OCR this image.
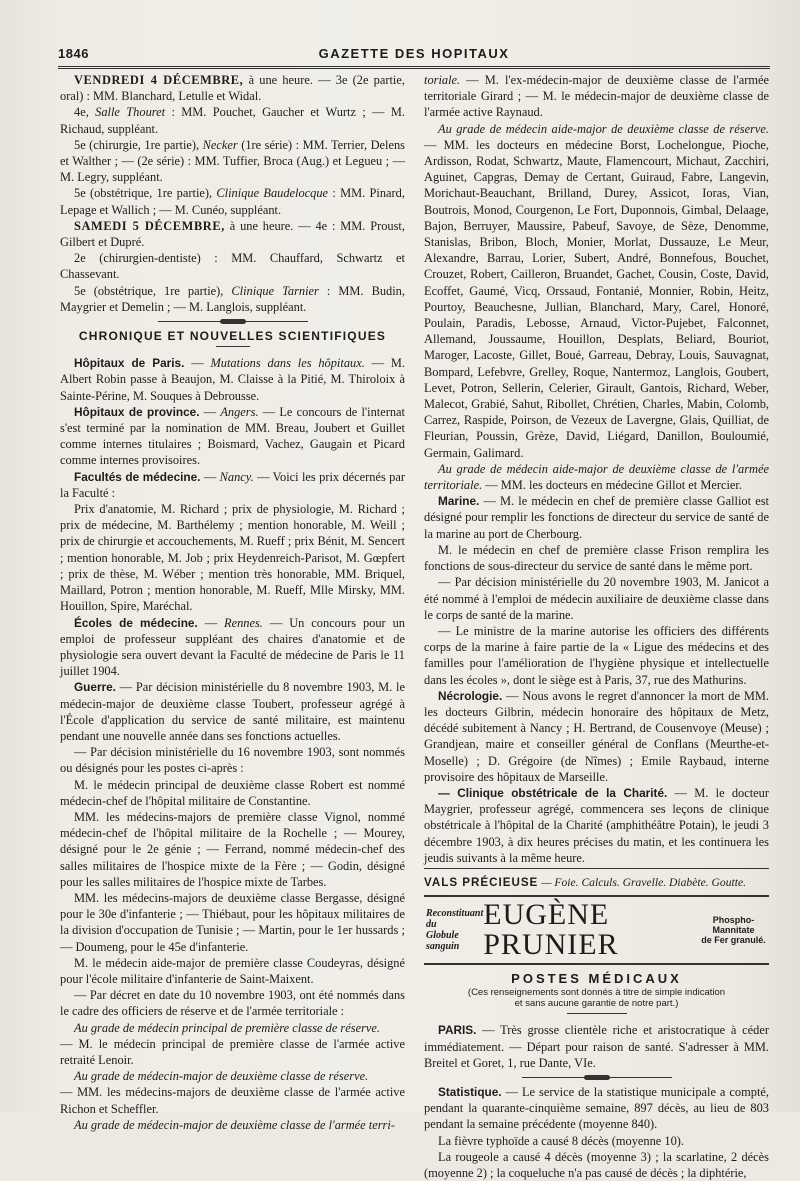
1846	GAZETTE DES HOPITAUX

VENDREDI 4 DÉCEMBRE, à une heure. — 3e (2e partie, oral) : MM. Blanchard, Letulle et Widal.

4e, Salle Thouret : MM. Pouchet, Gaucher et Wurtz ; — M. Richaud, suppléant.

5e (chirurgie, 1re partie), Necker (1re série) : MM. Terrier, Delens et Walther ; — (2e série) : MM. Tuffier, Broca (Aug.) et Legueu ; — M. Legry, suppléant.

5e (obstétrique, 1re partie), Clinique Baudelocque : MM. Pinard, Lepage et Wallich ; — M. Cunéo, suppléant.

SAMEDI 5 DÉCEMBRE, à une heure. — 4e : MM. Proust, Gilbert et Dupré.

2e (chirurgien-dentiste) : MM. Chauffard, Schwartz et Chassevant.

5e (obstétrique, 1re partie), Clinique Tarnier : MM. Budin, Maygrier et Demelin ; — M. Langlois, suppléant.

CHRONIQUE ET NOUVELLES SCIENTIFIQUES

Hôpitaux de Paris. — Mutations dans les hôpitaux. — M. Albert Robin passe à Beaujon, M. Claisse à la Pitié, M. Thiroloix à Sainte-Périne, M. Souques à Debrousse.

Hôpitaux de province. — Angers. — Le concours de l'internat s'est terminé par la nomination de MM. Breau, Joubert et Guillet comme internes titulaires ; Boismard, Vachez, Gaugain et Picard comme internes provisoires.

Facultés de médecine. — Nancy. — Voici les prix décernés par la Faculté :

Prix d'anatomie, M. Richard ; prix de physiologie, M. Richard ; prix de médecine, M. Barthélemy ; mention honorable, M. Weill ; prix de chirurgie et accouchements, M. Rueff ; prix Bénit, M. Sencert ; mention honorable, M. Job ; prix Heydenreich-Parisot, M. Gœpfert ; prix de thèse, M. Wéber ; mention très honorable, MM. Briquel, Maillard, Potron ; mention honorable, M. Rueff, Mlle Mirsky, MM. Houillon, Spire, Maréchal.

Écoles de médecine. — Rennes. — Un concours pour un emploi de professeur suppléant des chaires d'anatomie et de physiologie sera ouvert devant la Faculté de médecine de Paris le 11 juillet 1904.

Guerre. — Par décision ministérielle du 8 novembre 1903, M. le médecin-major de deuxième classe Toubert, professeur agrégé à l'École d'application du service de santé militaire, est maintenu pendant une nouvelle année dans ses fonctions actuelles.

— Par décision ministérielle du 16 novembre 1903, sont nommés ou désignés pour les postes ci-après :

M. le médecin principal de deuxième classe Robert est nommé médecin-chef de l'hôpital militaire de Constantine.

MM. les médecins-majors de première classe Vignol, nommé médecin-chef de l'hôpital militaire de la Rochelle ; — Mourey, désigné pour le 2e génie ; — Ferrand, nommé médecin-chef des salles militaires de l'hospice mixte de la Fère ; — Godin, désigné pour les salles militaires de l'hospice mixte de Tarbes.

MM. les médecins-majors de deuxième classe Bergasse, désigné pour le 30e d'infanterie ; — Thiébaut, pour les hôpitaux militaires de la division d'occupation de Tunisie ; — Martin, pour le 1er hussards ; — Doumeng, pour le 45e d'infanterie.

M. le médecin aide-major de première classe Coudeyras, désigné pour l'école militaire d'infanterie de Saint-Maixent.

— Par décret en date du 10 novembre 1903, ont été nommés dans le cadre des officiers de réserve et de l'armée territoriale :

Au grade de médecin principal de première classe de réserve.

— M. le médecin principal de première classe de l'armée active retraité Lenoir.

Au grade de médecin-major de deuxième classe de réserve.

— MM. les médecins-majors de deuxième classe de l'armée active Richon et Scheffler.

Au grade de médecin-major de deuxième classe de l'armée terri-

toriale. — M. l'ex-médecin-major de deuxième classe de l'armée territoriale Girard ; — M. le médecin-major de deuxième classe de l'armée active Raynaud.

Au grade de médecin aide-major de deuxième classe de réserve. — MM. les docteurs en médecine Borst, Lochelongue, Pioche, Ardisson, Rodat, Schwartz, Maute, Flamencourt, Michaut, Zacchiri, Aguinet, Capgras, Demay de Certant, Guiraud, Fabre, Langevin, Morichaut-Beauchant, Brilland, Durey, Assicot, Ioras, Vian, Boutrois, Monod, Courgenon, Le Fort, Duponnois, Gimbal, Delaage, Bajon, Berruyer, Maussire, Pabeuf, Savoye, de Sèze, Denomme, Stanislas, Bribon, Bloch, Monier, Morlat, Dussauze, Le Meur, Alexandre, Barrau, Lorier, Subert, André, Bonnefous, Bouchet, Crouzet, Robert, Cailleron, Bruandet, Gachet, Cousin, Coste, David, Ecoffet, Gaumé, Vicq, Orssaud, Fontanié, Monnier, Robin, Heitz, Pourtoy, Beauchesne, Jullian, Blanchard, Mary, Carel, Honoré, Poulain, Paradis, Lebosse, Arnaud, Victor-Pujebet, Falconnet, Allemand, Joussaume, Houillon, Desplats, Beliard, Bouriot, Maroger, Lacoste, Gillet, Boué, Garreau, Debray, Louis, Sauvagnat, Bompard, Lefebvre, Grelley, Roque, Nantermoz, Langlois, Goubert, Levet, Potron, Sellerin, Celerier, Girault, Gantois, Richard, Weber, Malecot, Grabié, Sahut, Ribollet, Chrétien, Charles, Mabin, Colomb, Carrez, Raspide, Poirson, de Vezeux de Lavergne, Glais, Quilliat, de Fleurian, Poussin, Grèze, David, Liégard, Danillon, Bouloumié, Germain, Galimard.

Au grade de médecin aide-major de deuxième classe de l'armée territoriale. — MM. les docteurs en médecine Gillot et Mercier.

Marine. — M. le médecin en chef de première classe Galliot est désigné pour remplir les fonctions de directeur du service de santé de la marine au port de Cherbourg.

M. le médecin en chef de première classe Frison remplira les fonctions de sous-directeur du service de santé dans le même port.

— Par décision ministérielle du 20 novembre 1903, M. Janicot a été nommé à l'emploi de médecin auxiliaire de deuxième classe dans le corps de santé de la marine.

— Le ministre de la marine autorise les officiers des différents corps de la marine à faire partie de la « Ligue des médecins et des familles pour l'amélioration de l'hygiène physique et intellectuelle dans les écoles », dont le siège est à Paris, 37, rue des Mathurins.

Nécrologie. — Nous avons le regret d'annoncer la mort de MM. les docteurs Gilbrin, médecin honoraire des hôpitaux de Metz, décédé subitement à Nancy ; H. Bertrand, de Cousenvoye (Meuse) ; Grandjean, maire et conseiller général de Conflans (Meurthe-et-Moselle) ; D. Grégoire (de Nîmes) ; Emile Raybaud, interne provisoire des hôpitaux de Marseille.

— Clinique obstétricale de la Charité. — M. le docteur Maygrier, professeur agrégé, commencera ses leçons de clinique obstétricale à l'hôpital de la Charité (amphithéâtre Potain), le jeudi 3 décembre 1903, à dix heures précises du matin, et les continuera les jeudis suivants à la même heure.

VALS PRÉCIEUSE — Foie. Calculs. Gravelle. Diabète. Goutte.

Reconstituant du
Globule sanguin
EUGÈNE PRUNIER
Phospho-Mannitate
de Fer granulé.
POSTES MÉDICAUX

(Ces renseignements sont donnés à titre de simple indication

et sans aucune garantie de notre part.)

PARIS. — Très grosse clientèle riche et aristocratique à céder immédiatement. — Départ pour raison de santé. S'adresser à MM. Breitel et Goret, 1, rue Dante, VIe.

Statistique. — Le service de la statistique municipale a compté, pendant la quarante-cinquième semaine, 897 décès, au lieu de 803 pendant la semaine précédente (moyenne 840).

La fièvre typhoïde a causé 8 décès (moyenne 10).

La rougeole a causé 4 décès (moyenne 3) ; la scarlatine, 2 décès (moyenne 2) ; la coqueluche n'a pas causé de décès ; la diphtérie,
